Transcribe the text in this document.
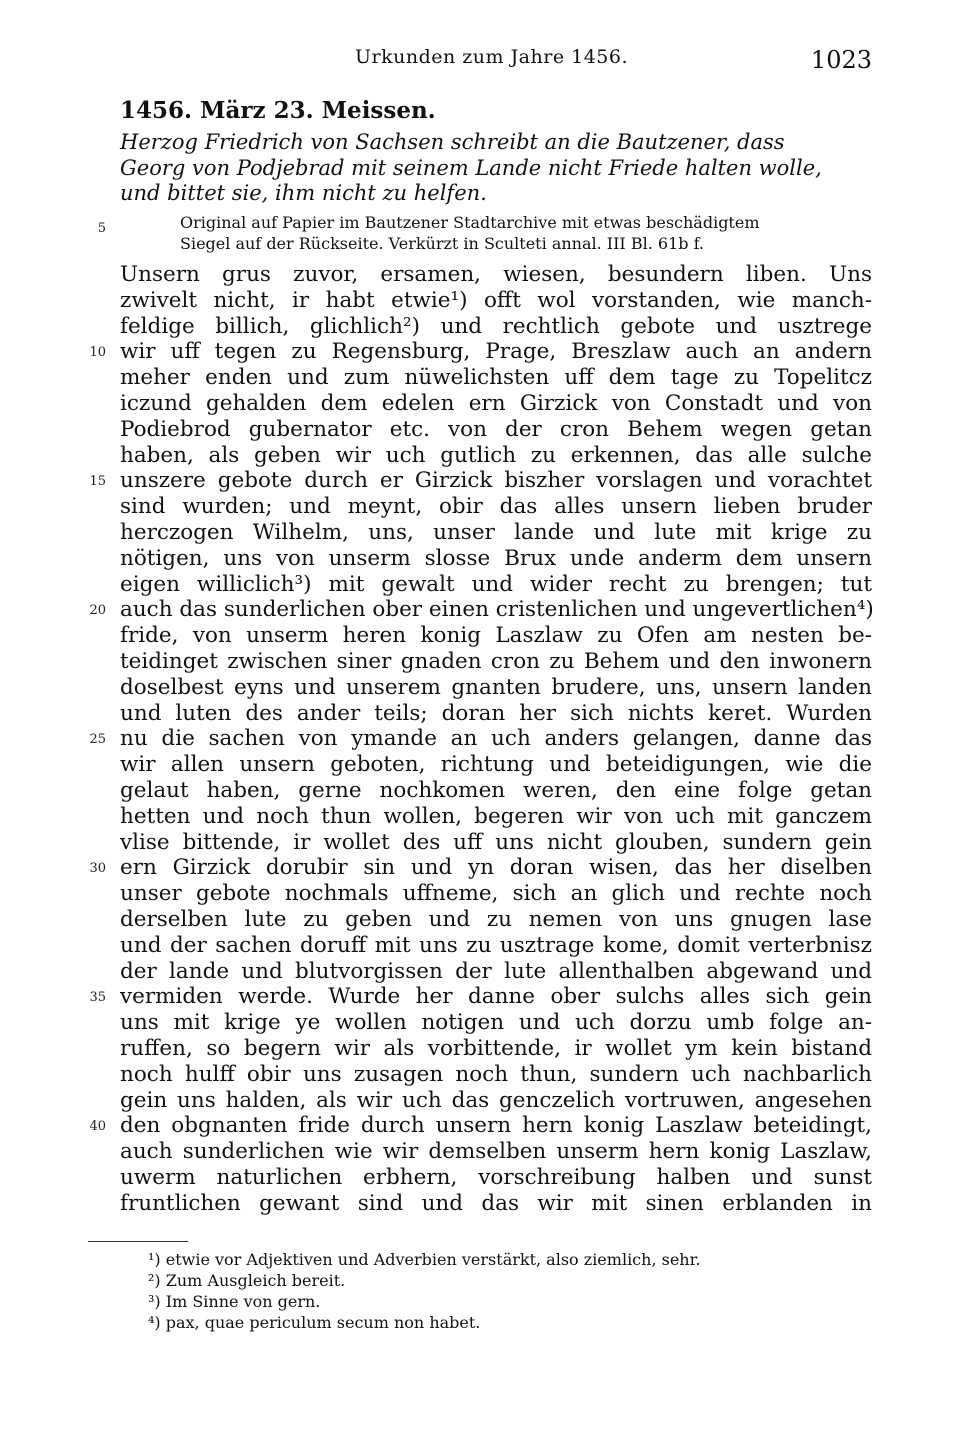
Urkunden zum Jahre 1456.	1023
1456. März 23. Meissen.
Herzog Friedrich von Sachsen schreibt an die Bautzener, dass
Georg von Podjebrad mit seinem Lande nicht Friede halten wolle,
und bittet sie, ihm nicht zu helfen.
Original auf Papier im Bautzener Stadtarchive mit etwas beschädigtem
Siegel auf der Rückseite. Verkürzt in Sculteti annal. III Bl. 61b f.
Unsern grus zuvor, ersamen, wiesen, besundern liben. Uns
zwivelt nicht, ir habt etwie¹) offt wol vorstanden, wie manch-
feldige billich, glichlich²) und rechtlich gebote und usztrege
wir uff tegen zu Regensburg, Prage, Breszlaw auch an andern
meher enden und zum nüwelichsten uff dem tage zu Topelitcz
iczund gehalden dem edelen ern Girzick von Constadt und von
Podiebrod gubernator etc. von der cron Behem wegen getan
haben, als geben wir uch gutlich zu erkennen, das alle sulche
unszere gebote durch er Girzick biszher vorslagen und vorachtet
sind wurden; und meynt, obir das alles unsern lieben bruder
herczogen Wilhelm, uns, unser lande und lute mit krige zu
nötigen, uns von unserm slosse Brux unde anderm dem unsern
eigen williclich³) mit gewalt und wider recht zu brengen; tut
auch das sunderlichen ober einen cristenlichen und ungevertlichen⁴)
fride, von unserm heren konig Laszlaw zu Ofen am nesten be-
teidinget zwischen siner gnaden cron zu Behem und den inwonern
doselbest eyns und unserem gnanten brudere, uns, unsern landen
und luten des ander teils; doran her sich nichts keret. Wurden
nu die sachen von ymande an uch anders gelangen, danne das
wir allen unsern geboten, richtung und beteidigungen, wie die
gelaut haben, gerne nochkomen weren, den eine folge getan
hetten und noch thun wollen, begeren wir von uch mit ganczem
vlise bittende, ir wollet des uff uns nicht glouben, sundern gein
ern Girzick dorubir sin und yn doran wisen, das her diselben
unser gebote nochmals uffneme, sich an glich und rechte noch
derselben lute zu geben und zu nemen von uns gnugen lase
und der sachen doruff mit uns zu usztrage kome, domit verterbnisz
der lande und blutvorgissen der lute allenthalben abgewand und
vermiden werde. Wurde her danne ober sulchs alles sich gein
uns mit krige ye wollen notigen und uch dorzu umb folge an-
ruffen, so begern wir als vorbittende, ir wollet ym kein bistand
noch hulff obir uns zusagen noch thun, sundern uch nachbarlich
gein uns halden, als wir uch das genczelich vortruwen, angesehen
den obgnanten fride durch unsern hern konig Laszlaw beteidingt,
auch sunderlichen wie wir demselben unserm hern konig Laszlaw,
uwerm naturlichen erbhern, vorschreibung halben und sunst
fruntlichen gewant sind und das wir mit sinen erblanden in
5
10
15
20
25
30
35
40
¹) etwie vor Adjektiven und Adverbien verstärkt, also ziemlich, sehr.
²) Zum Ausgleich bereit.
³) Im Sinne von gern.
⁴) pax, quae periculum secum non habet.
